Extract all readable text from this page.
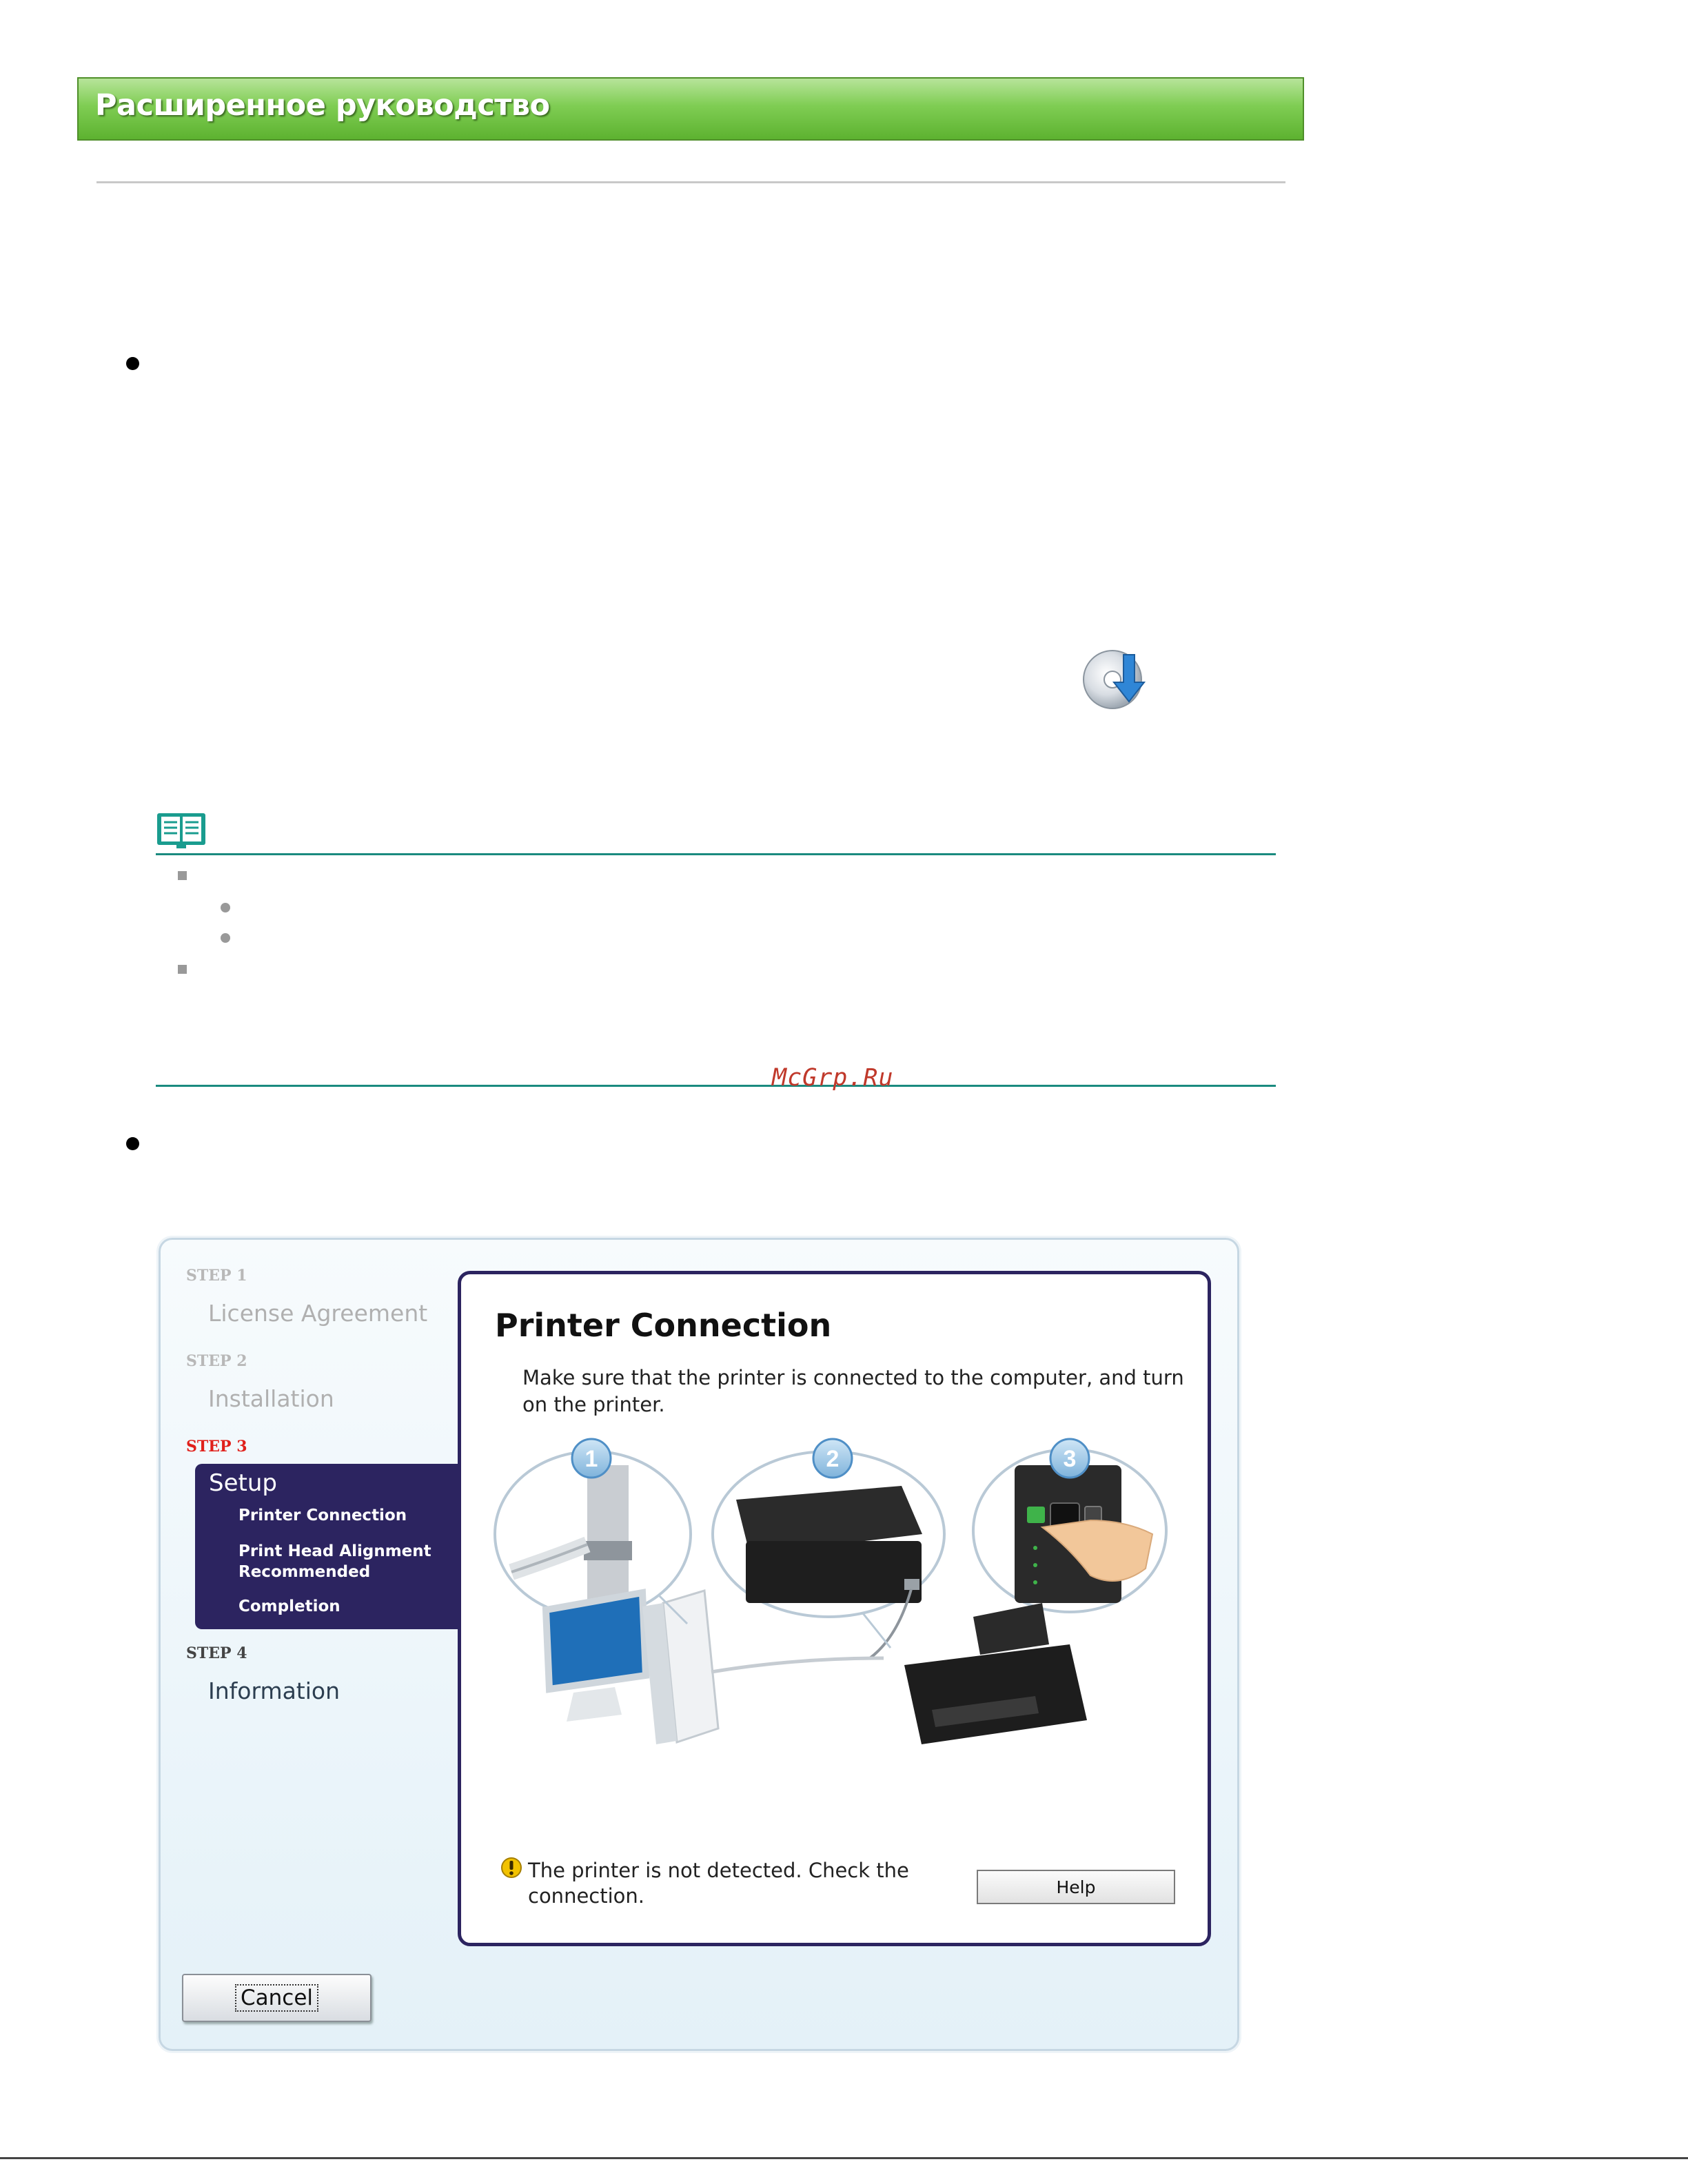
Расширенное руководство
McGrp.Ru
STEP 1
License Agreement
STEP 2
Installation
STEP 3
Setup
Printer Connection
Print Head Alignment Recommended
Completion
STEP 4
Information
Printer Connection
Make sure that the printer is connected to the computer, and turn on the printer.
1	2	3
The printer is not detected. Check the connection.	Help
Cancel
